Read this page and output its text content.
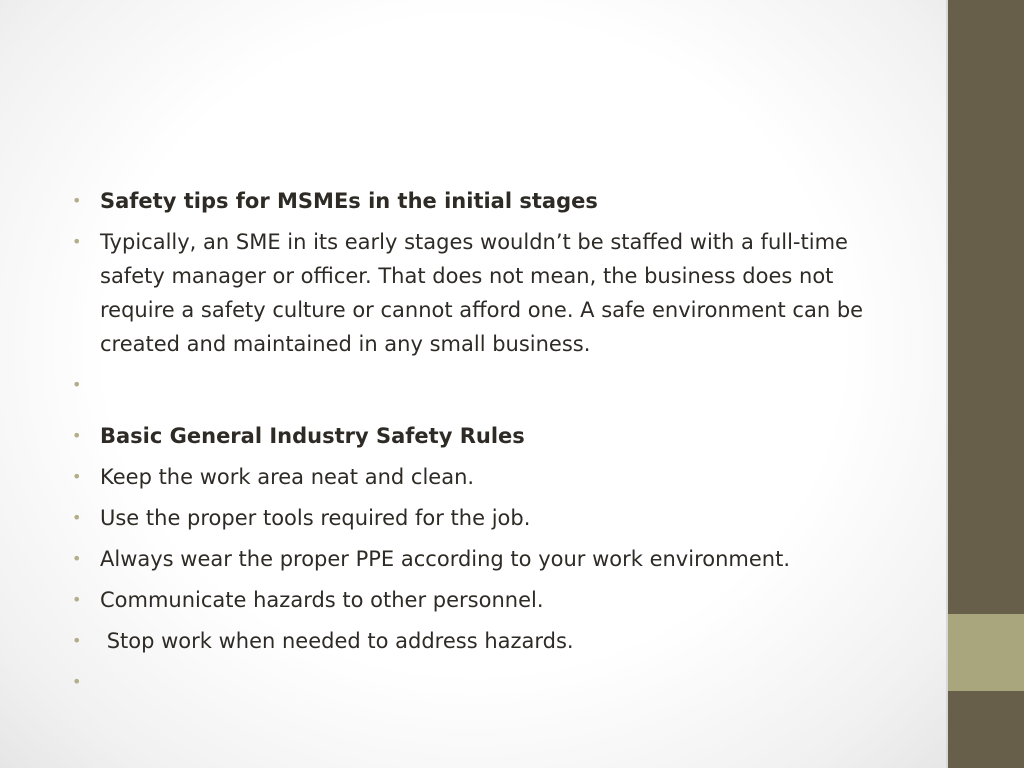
• Safety tips for MSMEs in the initial stages
• Typically, an SME in its early stages wouldn’t be staffed with a full-time safety manager or officer. That does not mean, the business does not require a safety culture or cannot afford one. A safe environment can be created and maintained in any small business.
•
• Basic General Industry Safety Rules
• Keep the work area neat and clean.
• Use the proper tools required for the job.
• Always wear the proper PPE according to your work environment.
• Communicate hazards to other personnel.
• Stop work when needed to address hazards.
•
